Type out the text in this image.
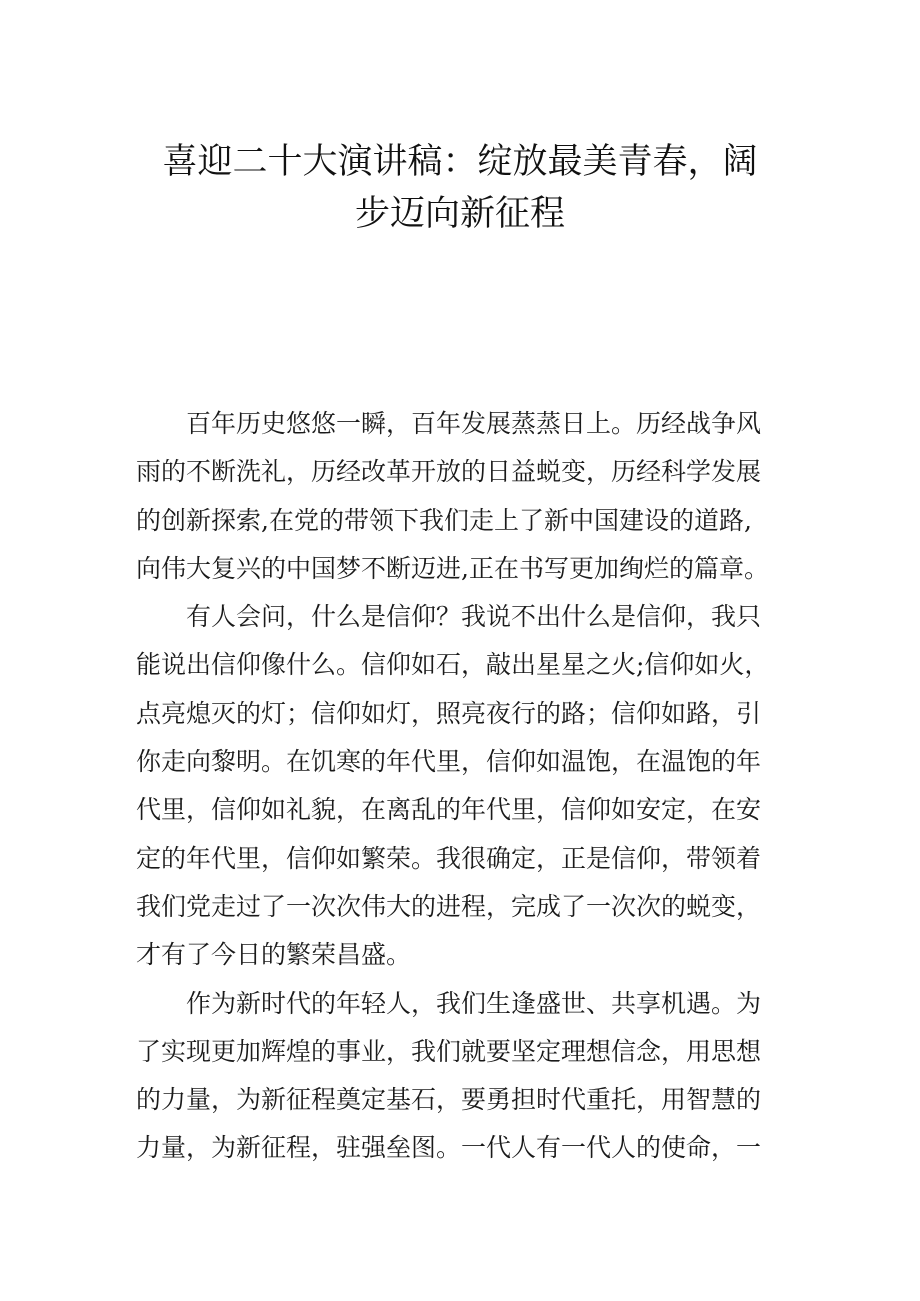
喜迎二十大演讲稿：绽放最美青春，阔
步迈向新征程

百年历史悠悠一瞬，百年发展蒸蒸日上。历经战争风
雨的不断洗礼，历经改革开放的日益蜕变，历经科学发展
的创新探索,在党的带领下我们走上了新中国建设的道路,
向伟大复兴的中国梦不断迈进,正在书写更加绚烂的篇章。

有人会问，什么是信仰？我说不出什么是信仰，我只
能说出信仰像什么。信仰如石，敲出星星之火;信仰如火，
点亮熄灭的灯；信仰如灯，照亮夜行的路；信仰如路，引
你走向黎明。在饥寒的年代里，信仰如温饱，在温饱的年
代里，信仰如礼貌，在离乱的年代里，信仰如安定，在安
定的年代里，信仰如繁荣。我很确定，正是信仰，带领着
我们党走过了一次次伟大的进程，完成了一次次的蜕变，
才有了今日的繁荣昌盛。

作为新时代的年轻人，我们生逢盛世、共享机遇。为
了实现更加辉煌的事业，我们就要坚定理想信念，用思想
的力量，为新征程奠定基石，要勇担时代重托，用智慧的
力量，为新征程，驻强垒图。一代人有一代人的使命，一
